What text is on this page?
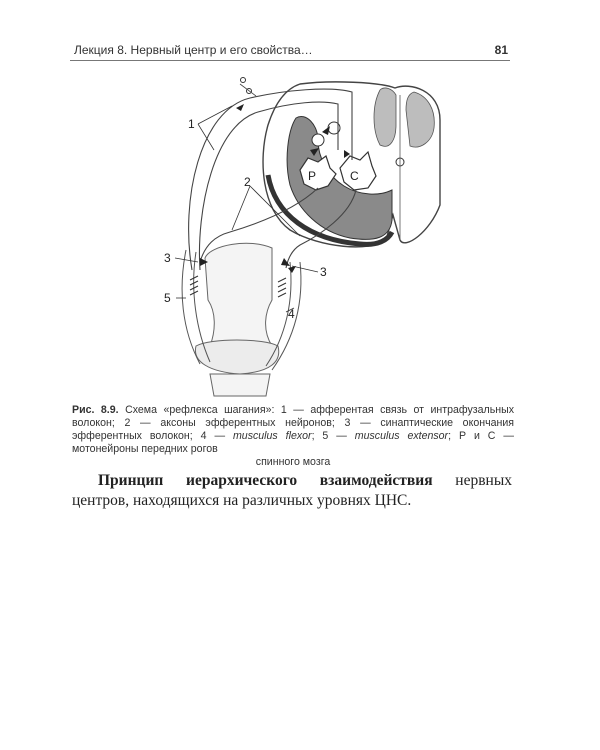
Лекция 8. Нервный центр и его свойства…	81
Р	С
1
2
3
3
4
5
Рис. 8.9. Схема «рефлекса шагания»: 1 — афферентая связь от интрафузальных волокон; 2 — аксоны эфферентных нейронов; 3 — синаптические окончания эфферентных волокон; 4 — musculus flexor; 5 — musculus extensor; Р и С — мотонейроны передних рогов
спинного мозга
Принцип иерархического взаимодействия нервных центров, находящихся на различных уровнях ЦНС.
